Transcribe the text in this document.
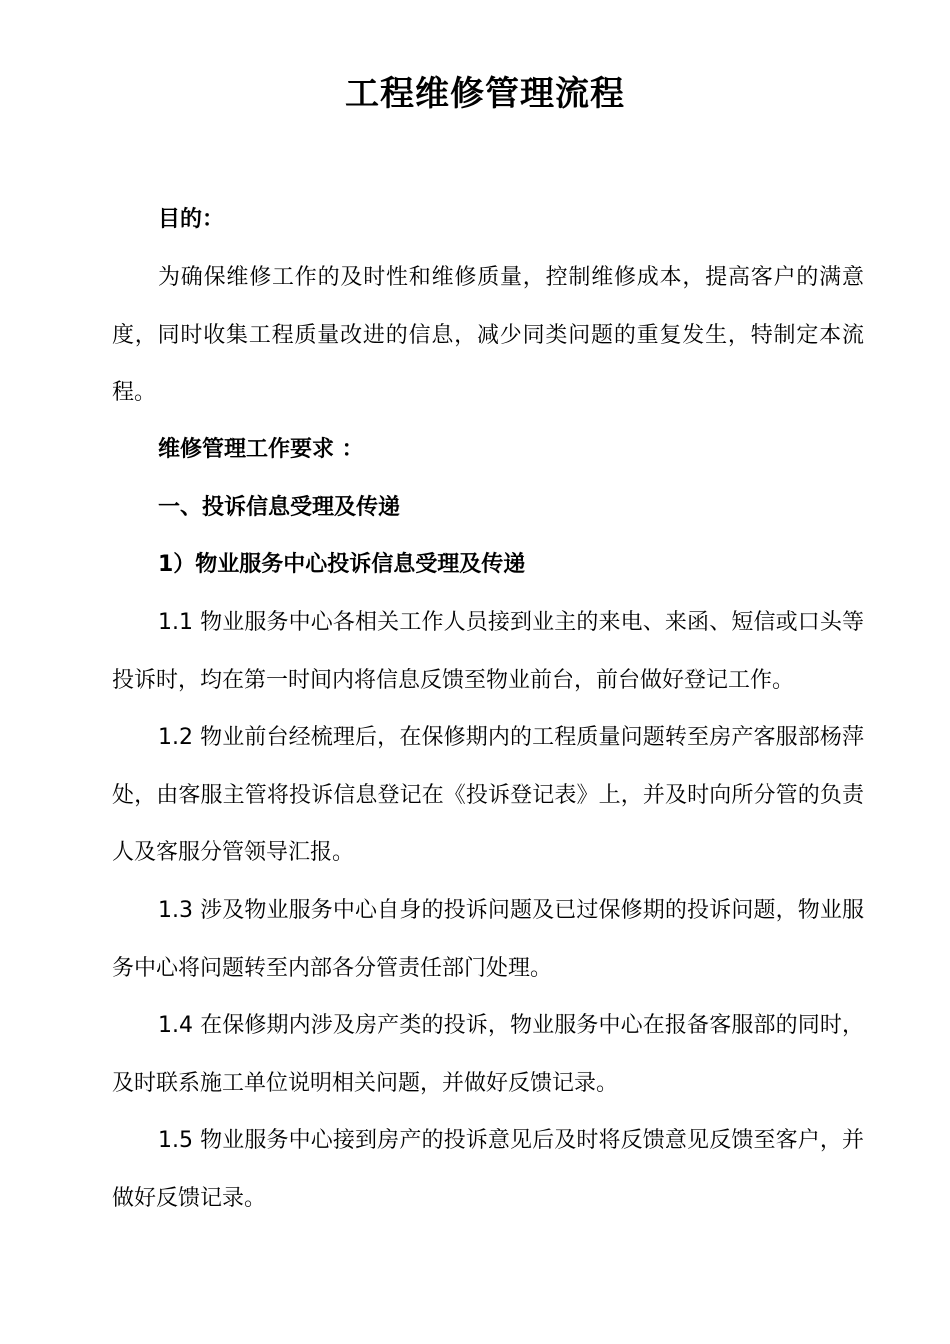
工程维修管理流程

目的：

为确保维修工作的及时性和维修质量，控制维修成本，提高客户的满意度，同时收集工程质量改进的信息，减少同类问题的重复发生，特制定本流程。

维修管理工作要求 ：

一、投诉信息受理及传递

1）物业服务中心投诉信息受理及传递

1.1 物业服务中心各相关工作人员接到业主的来电、来函、短信或口头等投诉时，均在第一时间内将信息反馈至物业前台，前台做好登记工作。

1.2 物业前台经梳理后，在保修期内的工程质量问题转至房产客服部杨萍处，由客服主管将投诉信息登记在《投诉登记表》上，并及时向所分管的负责人及客服分管领导汇报。

1.3 涉及物业服务中心自身的投诉问题及已过保修期的投诉问题，物业服务中心将问题转至内部各分管责任部门处理。

1.4 在保修期内涉及房产类的投诉，物业服务中心在报备客服部的同时，及时联系施工单位说明相关问题，并做好反馈记录。

1.5 物业服务中心接到房产的投诉意见后及时将反馈意见反馈至客户，并做好反馈记录。
